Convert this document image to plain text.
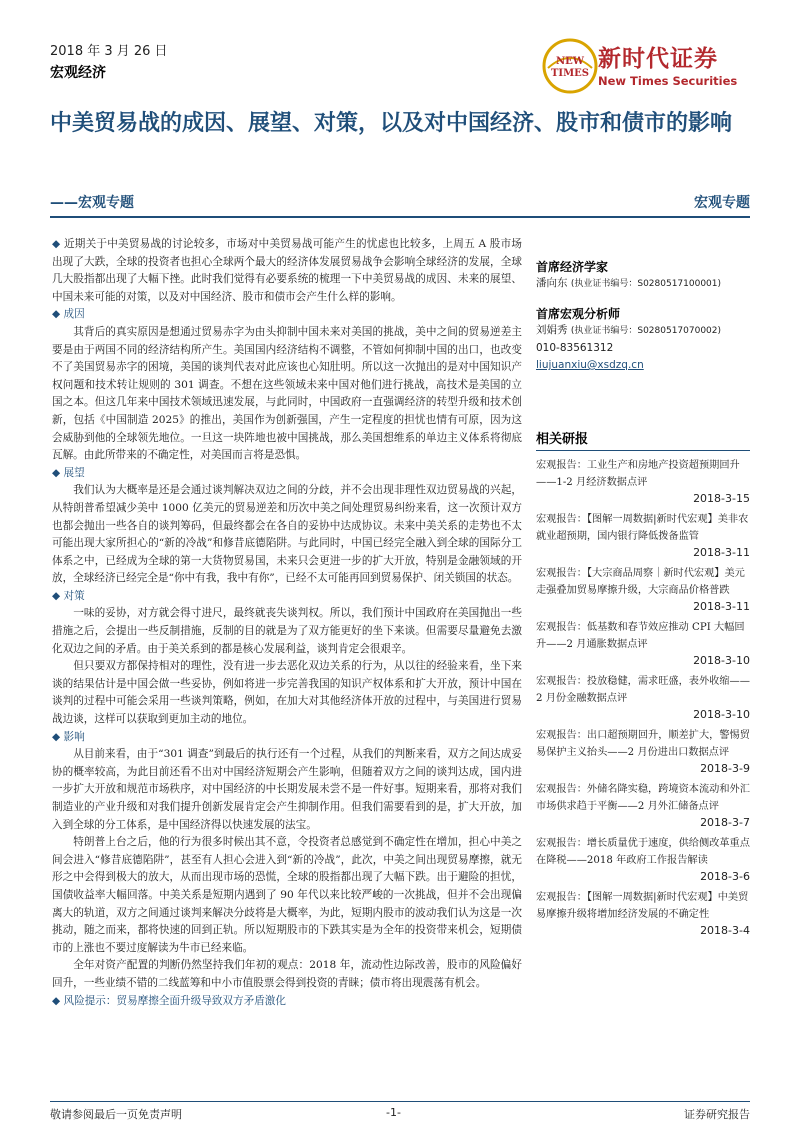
2018 年 3 月 26 日
宏观经济
NEW
TIMES
新时代证券
New Times Securities
中美贸易战的成因、展望、对策，以及对中国经济、股市和债市的影响
——宏观专题	宏观专题

◆ 近期关于中美贸易战的讨论较多，市场对中美贸易战可能产生的忧虑也比较多，上周五 A 股市场出现了大跌，全球的投资者也担心全球两个最大的经济体发展贸易战争会影响全球经济的发展，全球几大股指都出现了大幅下挫。此时我们觉得有必要系统的梳理一下中美贸易战的成因、未来的展望、中国未来可能的对策，以及对中国经济、股市和债市会产生什么样的影响。

◆ 成因

其背后的真实原因是想通过贸易赤字为由头抑制中国未来对美国的挑战，美中之间的贸易逆差主要是由于两国不同的经济结构所产生。美国国内经济结构不调整，不管如何抑制中国的出口，也改变不了美国贸易赤字的困境，美国的谈判代表对此应该也心知肚明。所以这一次抛出的是对中国知识产权问题和技术转让规则的 301 调查。不想在这些领域未来中国对他们进行挑战，高技术是美国的立国之本。但这几年来中国技术领域迅速发展，与此同时，中国政府一直强调经济的转型升级和技术创新，包括《中国制造 2025》的推出，美国作为创新强国，产生一定程度的担忧也情有可原，因为这会威胁到他的全球领先地位。一旦这一块阵地也被中国挑战，那么美国想维系的单边主义体系将彻底瓦解。由此所带来的不确定性，对美国而言将是恐惧。

◆ 展望

我们认为大概率是还是会通过谈判解决双边之间的分歧，并不会出现非理性双边贸易战的兴起，从特朗普希望减少美中 1000 亿美元的贸易逆差和历次中美之间处理贸易纠纷来看，这一次预计双方也都会抛出一些各自的谈判筹码，但最终都会在各自的妥协中达成协议。未来中美关系的走势也不太可能出现大家所担心的“新的冷战”和修昔底德陷阱。与此同时，中国已经完全融入到全球的国际分工体系之中，已经成为全球的第一大货物贸易国，未来只会更进一步的扩大开放，特别是金融领域的开放，全球经济已经完全是“你中有我，我中有你”，已经不太可能再回到贸易保护、闭关锁国的状态。

◆ 对策

一味的妥协，对方就会得寸进尺，最终就丧失谈判权。所以，我们预计中国政府在美国抛出一些措施之后，会提出一些反制措施，反制的目的就是为了双方能更好的坐下来谈。但需要尽量避免去激化双边之间的矛盾。由于美关系到的都是核心发展利益，谈判肯定会很艰辛。

但只要双方都保持相对的理性，没有进一步去恶化双边关系的行为，从以往的经验来看，坐下来谈的结果估计是中国会做一些妥协，例如将进一步完善我国的知识产权体系和扩大开放，预计中国在谈判的过程中可能会采用一些谈判策略，例如，在加大对其他经济体开放的过程中，与美国进行贸易战边谈，这样可以获取到更加主动的地位。

◆ 影响

从目前来看，由于“301 调查”到最后的执行还有一个过程，从我们的判断来看，双方之间达成妥协的概率较高，为此目前还看不出对中国经济短期会产生影响，但随着双方之间的谈判达成，国内进一步扩大开放和规范市场秩序，对中国经济的中长期发展未尝不是一件好事。短期来看，那将对我们制造业的产业升级和对我们提升创新发展肯定会产生抑制作用。但我们需要看到的是，扩大开放，加入到全球的分工体系，是中国经济得以快速发展的法宝。

特朗普上台之后，他的行为很多时候出其不意，令投资者总感觉到不确定性在增加，担心中美之间会进入“修昔底德陷阱”，甚至有人担心会进入到“新的冷战”，此次，中美之间出现贸易摩擦，就无形之中会得到极大的放大，从而出现市场的恐慌，全球的股指都出现了大幅下跌。出于避险的担忧，国债收益率大幅回落。中美关系是短期内遇到了 90 年代以来比较严峻的一次挑战，但并不会出现偏离大的轨道，双方之间通过谈判来解决分歧将是大概率，为此，短期内股市的波动我们认为这是一次挑动，随之而来，都将快速的回到正轨。所以短期股市的下跌其实是为全年的投资带来机会，短期债市的上涨也不要过度解读为牛市已经来临。

全年对资产配置的判断仍然坚持我们年初的观点：2018 年，流动性边际改善，股市的风险偏好回升，一些业绩不错的二线蓝筹和中小市值股票会得到投资的青睐；债市将出现震荡有机会。

◆ 风险提示：贸易摩擦全面升级导致双方矛盾激化

首席经济学家

潘向东 (执业证书编号：S0280517100001)

首席宏观分析师

刘娟秀 (执业证书编号：S0280517070002)

010-83561312

liujuanxiu@xsdzq.cn

相关研报

宏观报告：工业生产和房地产投资超预期回升——1-2 月经济数据点评

2018-3-15

宏观报告：【图解一周数据|新时代宏观】美非农就业超预期，国内银行降低拨备监管

2018-3-11

宏观报告：【大宗商品周察｜新时代宏观】美元走强叠加贸易摩擦升级，大宗商品价格普跌

2018-3-11

宏观报告：低基数和春节效应推动 CPI 大幅回升——2 月通胀数据点评

2018-3-10

宏观报告：投放稳健，需求旺盛，表外收缩——2 月份金融数据点评

2018-3-10

宏观报告：出口超预期回升，顺差扩大，警惕贸易保护主义抬头——2 月份进出口数据点评

2018-3-9

宏观报告：外储名降实稳，跨境资本流动和外汇市场供求趋于平衡——2 月外汇储备点评

2018-3-7

宏观报告：增长质量优于速度，供给侧改革重点在降税——2018 年政府工作报告解读

2018-3-6

宏观报告：【图解一周数据|新时代宏观】中美贸易摩擦升级将增加经济发展的不确定性

2018-3-4

敬请参阅最后一页免责声明	-1-	证券研究报告
